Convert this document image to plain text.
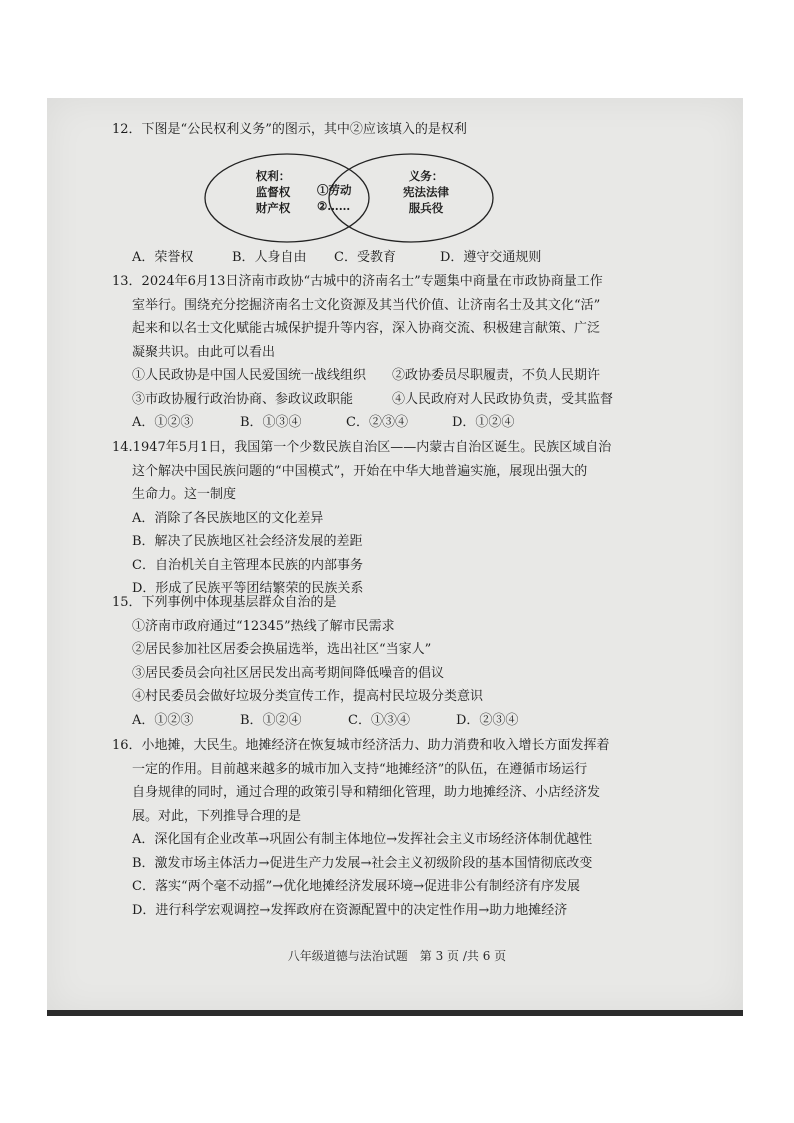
12．下图是“公民权利义务”的图示，其中②应该填入的是权利
权利：
监督权
财产权
①劳动
②……
义务：
宪法法律
服兵役
A．荣誉权	B．人身自由 C．受教育	D．遵守交通规则
13．2024年6月13日济南市政协“古城中的济南名士”专题集中商量在市政协商量工作
室举行。围绕充分挖掘济南名士文化资源及其当代价值、让济南名士及其文化“活”
起来和以名士文化赋能古城保护提升等内容，深入协商交流、积极建言献策、广泛
凝聚共识。由此可以看出
①人民政协是中国人民爱国统一战线组织 ②政协委员尽职履责，不负人民期许
③市政协履行政治协商、参政议政职能	④人民政府对人民政协负责，受其监督
A．①②③	B．①③④	C．②③④	D．①②④
14.1947年5月1日，我国第一个少数民族自治区——内蒙古自治区诞生。民族区域自治
这个解决中国民族问题的“中国模式”，开始在中华大地普遍实施，展现出强大的
生命力。这一制度
A．消除了各民族地区的文化差异
B．解决了民族地区社会经济发展的差距
C．自治机关自主管理本民族的内部事务
D．形成了民族平等团结繁荣的民族关系
15．下列事例中体现基层群众自治的是
①济南市政府通过“12345”热线了解市民需求
②居民参加社区居委会换届选举，选出社区“当家人”
③居民委员会向社区居民发出高考期间降低噪音的倡议
④村民委员会做好垃圾分类宣传工作，提高村民垃圾分类意识
A．①②③	B．①②④	C．①③④	D．②③④
16．小地摊，大民生。地摊经济在恢复城市经济活力、助力消费和收入增长方面发挥着
一定的作用。目前越来越多的城市加入支持“地摊经济”的队伍，在遵循市场运行
自身规律的同时，通过合理的政策引导和精细化管理，助力地摊经济、小店经济发
展。对此，下列推导合理的是
A．深化国有企业改革→巩固公有制主体地位→发挥社会主义市场经济体制优越性
B．激发市场主体活力→促进生产力发展→社会主义初级阶段的基本国情彻底改变
C．落实“两个毫不动摇”→优化地摊经济发展环境→促进非公有制经济有序发展
D．进行科学宏观调控→发挥政府在资源配置中的决定性作用→助力地摊经济
八年级道德与法治试题　第 3 页 /共 6 页
